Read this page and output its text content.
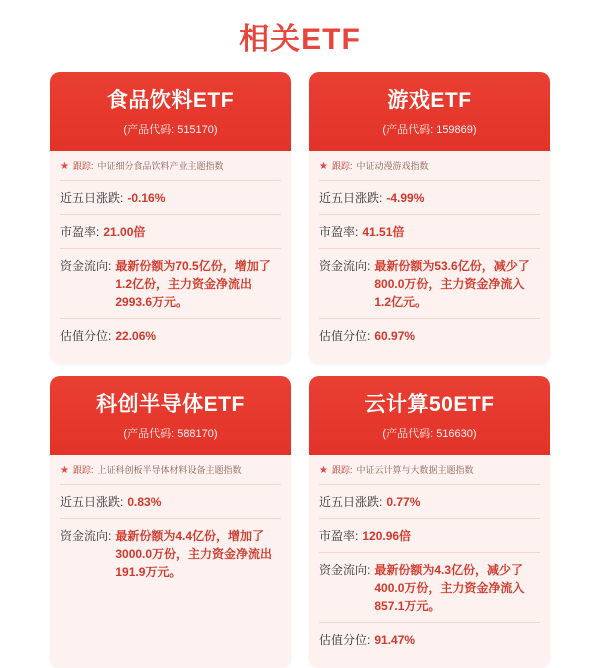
相关ETF
食品饮料ETF
(产品代码: 515170)
★ 跟踪: 中证细分食品饮料产业主题指数
近五日涨跌: -0.16%
市盈率: 21.00倍
资金流向: 最新份额为70.5亿份，增加了1.2亿份，主力资金净流出2993.6万元。
估值分位: 22.06%
游戏ETF
(产品代码: 159869)
★ 跟踪: 中证动漫游戏指数
近五日涨跌: -4.99%
市盈率: 41.51倍
资金流向: 最新份额为53.6亿份，减少了800.0万份，主力资金净流入1.2亿元。
估值分位: 60.97%
科创半导体ETF
(产品代码: 588170)
★ 跟踪: 上证科创板半导体材料设备主题指数
近五日涨跌: 0.83%
资金流向: 最新份额为4.4亿份，增加了3000.0万份，主力资金净流出191.9万元。
云计算50ETF
(产品代码: 516630)
★ 跟踪: 中证云计算与大数据主题指数
近五日涨跌: 0.77%
市盈率: 120.96倍
资金流向: 最新份额为4.3亿份，减少了400.0万份，主力资金净流入857.1万元。
估值分位: 91.47%
